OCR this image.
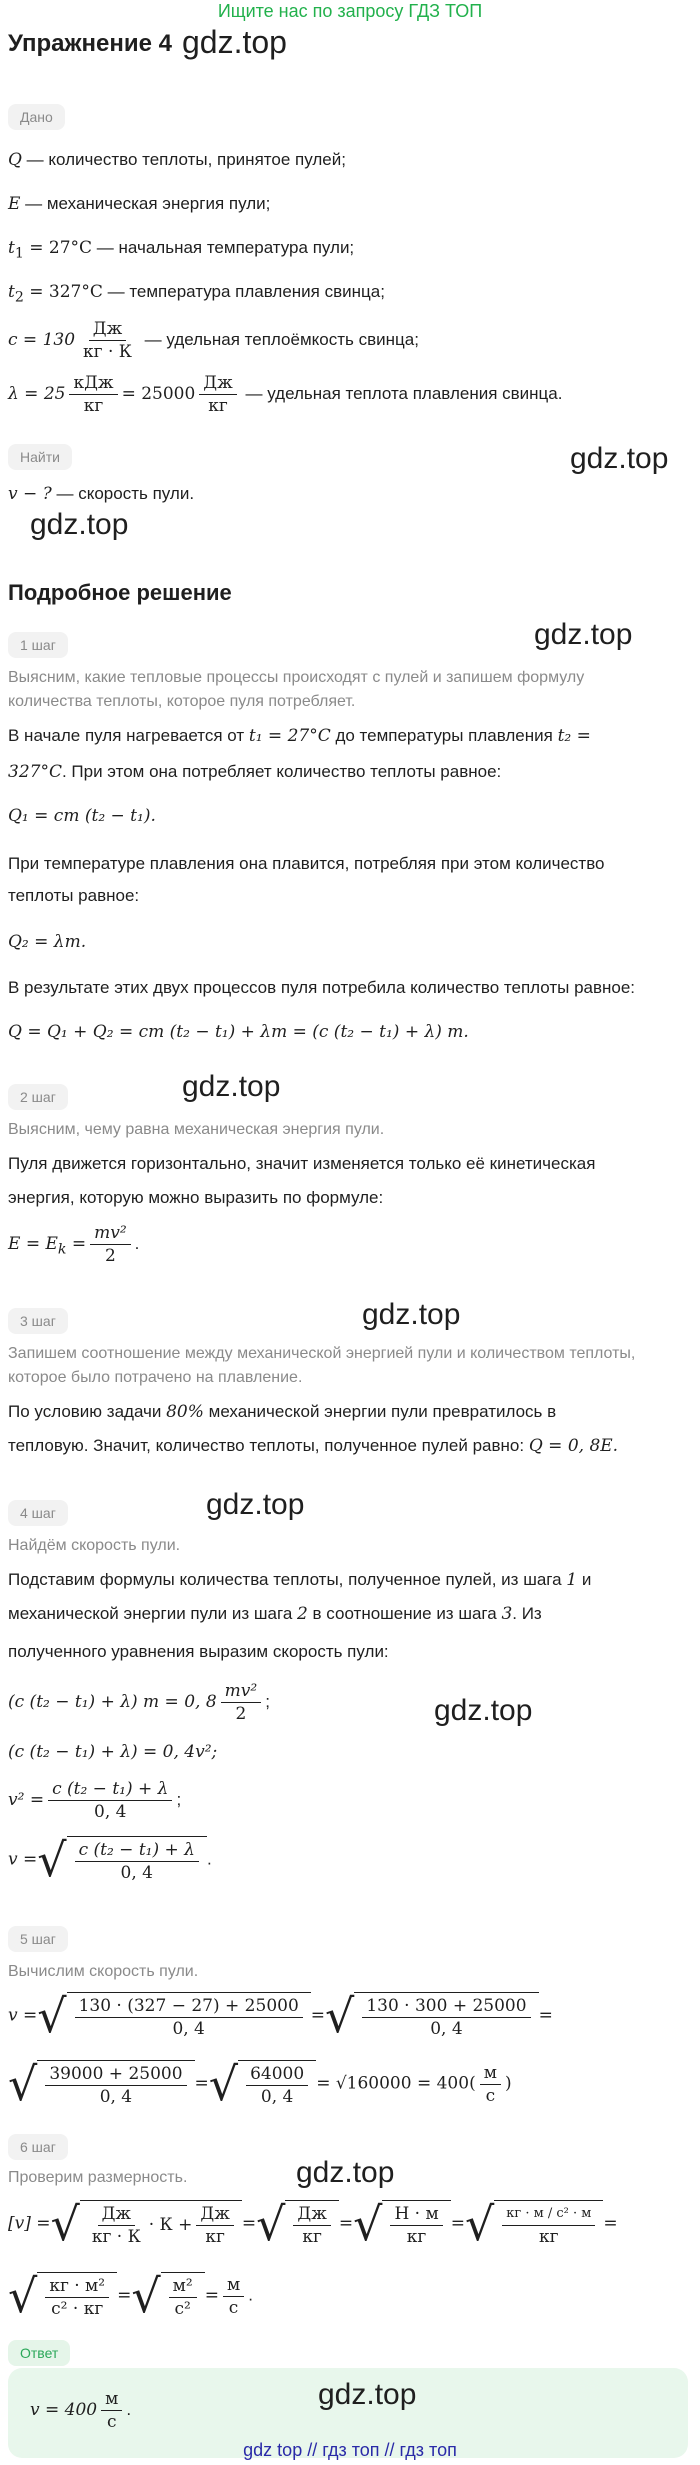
Ищите нас по запросу ГДЗ ТОП
Упражнение 4 gdz.top
Дано
Q — количество теплоты, принятое пулей;
E — механическая энергия пули;
$t_1 = 27^\circ C$ — начальная температура пули;
$t_2 = 327^\circ C$ — температура плавления свинца;
$c = 130 \frac{Дж}{кг \cdot К}$ — удельная теплоёмкость свинца;
$\lambda = 25 \frac{\text{кДж}}{кг} = 25000 \frac{Дж}{кг}$ — удельная теплота плавления свинца.
Найти	gdz.top
v − ? — скорость пули.
gdz.top
Подробное решение
1 шаг	gdz.top
Выясним, какие тепловые процессы происходят с пулей и запишем формулу
количества теплоты, которое пуля потребляет.
В начале пуля нагревается от t₁ = 27°C до температуры плавления t₂ =
327°C. При этом она потребляет количество теплоты равное:
Q₁ = cm (t₂ − t₁).
При температуре плавления она плавится, потребляя при этом количество
теплоты равное:
Q₂ = λm.
В результате этих двух процессов пуля потребила количество теплоты равное:
Q = Q₁ + Q₂ = cm (t₂ − t₁) + λm = (c (t₂ − t₁) + λ) m.
gdz.top
2 шаг
Выясним, чему равна механическая энергия пули.
Пуля движется горизонтально, значит изменяется только её кинетическая
энергия, которую можно выразить по формуле:
$E = E_k = \frac{\text{mv²}}{2}$ .
3 шаг	gdz.top
Запишем соотношение между механической энергией пули и количеством теплоты,
которое было потрачено на плавление.
По условию задачи 80% механической энергии пули превратилось в
тепловую. Значит, количество теплоты, полученное пулей равно: Q = 0, 8E.
4 шаг	gdz.top
Найдём скорость пули.
Подставим формулы количества теплоты, полученное пулей, из шага 1 и
механической энергии пули из шага 2 в соотношение из шага 3. Из
полученного уравнения выразим скорость пули:
(c (t₂ − t₁) + λ) m = 0, $8 \frac{\text{mv²}}{2}$ ;	gdz.top
(c (t₂ − t₁) + λ) = 0, 4v²;
$v^2 = \frac{\text{c (t₂ − t₁) + λ}}{0, 4}$ ;
v = √ $\frac{\text{c (t₂ − t₁) + λ}}{0, 4}$ .
5 шаг
Вычислим скорость пули.
v = √ $\frac{130 \cdot (327 - 27) + 25000}{0, 4}$ = √ $\frac{130 \cdot 300 + 25000}{0, 4}$ =
√ $\frac{39000 + 25000}{0, 4}$ = √ $\frac{64000}{0, 4} = √160000 = 400( \frac{м}{с}$ )
6 шаг
gdz.top
Проверим размерность.
[v] = √ $\frac{Дж}{кг \cdot К} \cdot К + \frac{Дж}{кг}$ = √ $\frac{Дж}{кг}$ = √ $\frac{Н \cdot м}{кг}$ = √ $\frac{\text{кг · м / с² · м}}{кг}$ =
√ $\frac{\text{кг · м²}}{\text{с² · кг}}$ = √ $\frac{\text{м²}}{\text{с²}} = \frac{м}{с}$ .
Ответ
$v = 400 \frac{м}{с}$ .	gdz.top
gdz top // гдз топ // гдз топ
